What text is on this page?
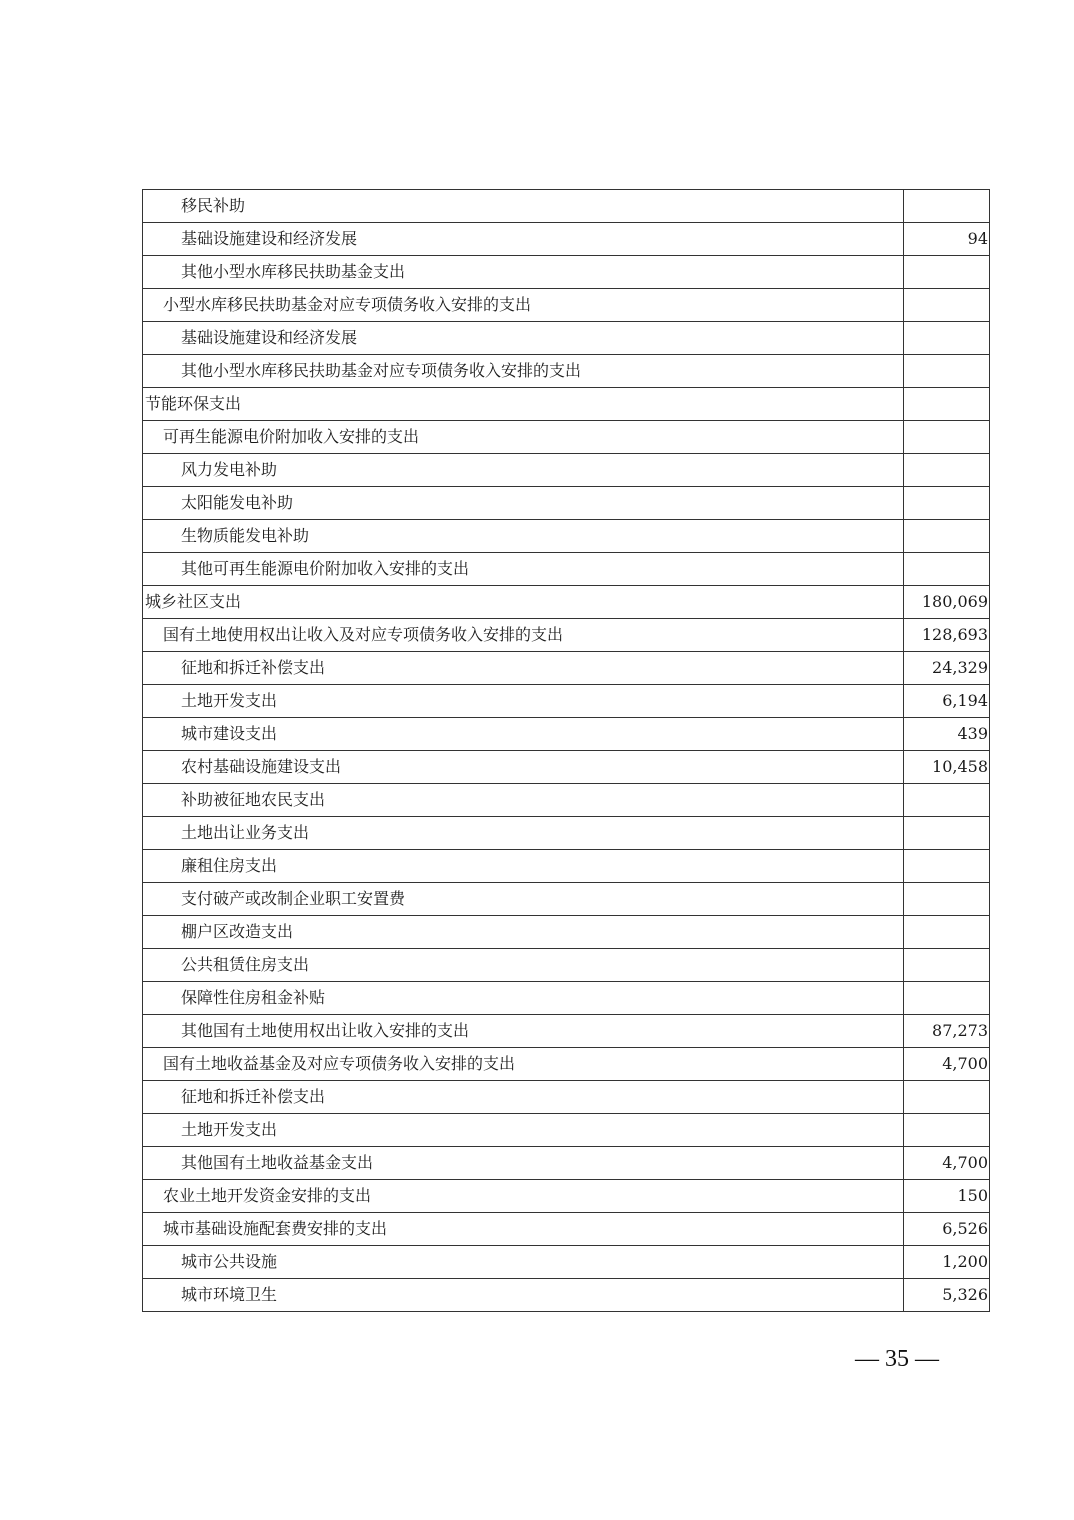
移民补助	
基础设施建设和经济发展	94
其他小型水库移民扶助基金支出	
小型水库移民扶助基金对应专项债务收入安排的支出	
基础设施建设和经济发展	
其他小型水库移民扶助基金对应专项债务收入安排的支出	
节能环保支出	
可再生能源电价附加收入安排的支出	
风力发电补助	
太阳能发电补助	
生物质能发电补助	
其他可再生能源电价附加收入安排的支出	
城乡社区支出	180,069
国有土地使用权出让收入及对应专项债务收入安排的支出	128,693
征地和拆迁补偿支出	24,329
土地开发支出	6,194
城市建设支出	439
农村基础设施建设支出	10,458
补助被征地农民支出	
土地出让业务支出	
廉租住房支出	
支付破产或改制企业职工安置费	
棚户区改造支出	
公共租赁住房支出	
保障性住房租金补贴	
其他国有土地使用权出让收入安排的支出	87,273
国有土地收益基金及对应专项债务收入安排的支出	4,700
征地和拆迁补偿支出	
土地开发支出	
其他国有土地收益基金支出	4,700
农业土地开发资金安排的支出	150
城市基础设施配套费安排的支出	6,526
城市公共设施	1,200
城市环境卫生	5,326
— 35 —
